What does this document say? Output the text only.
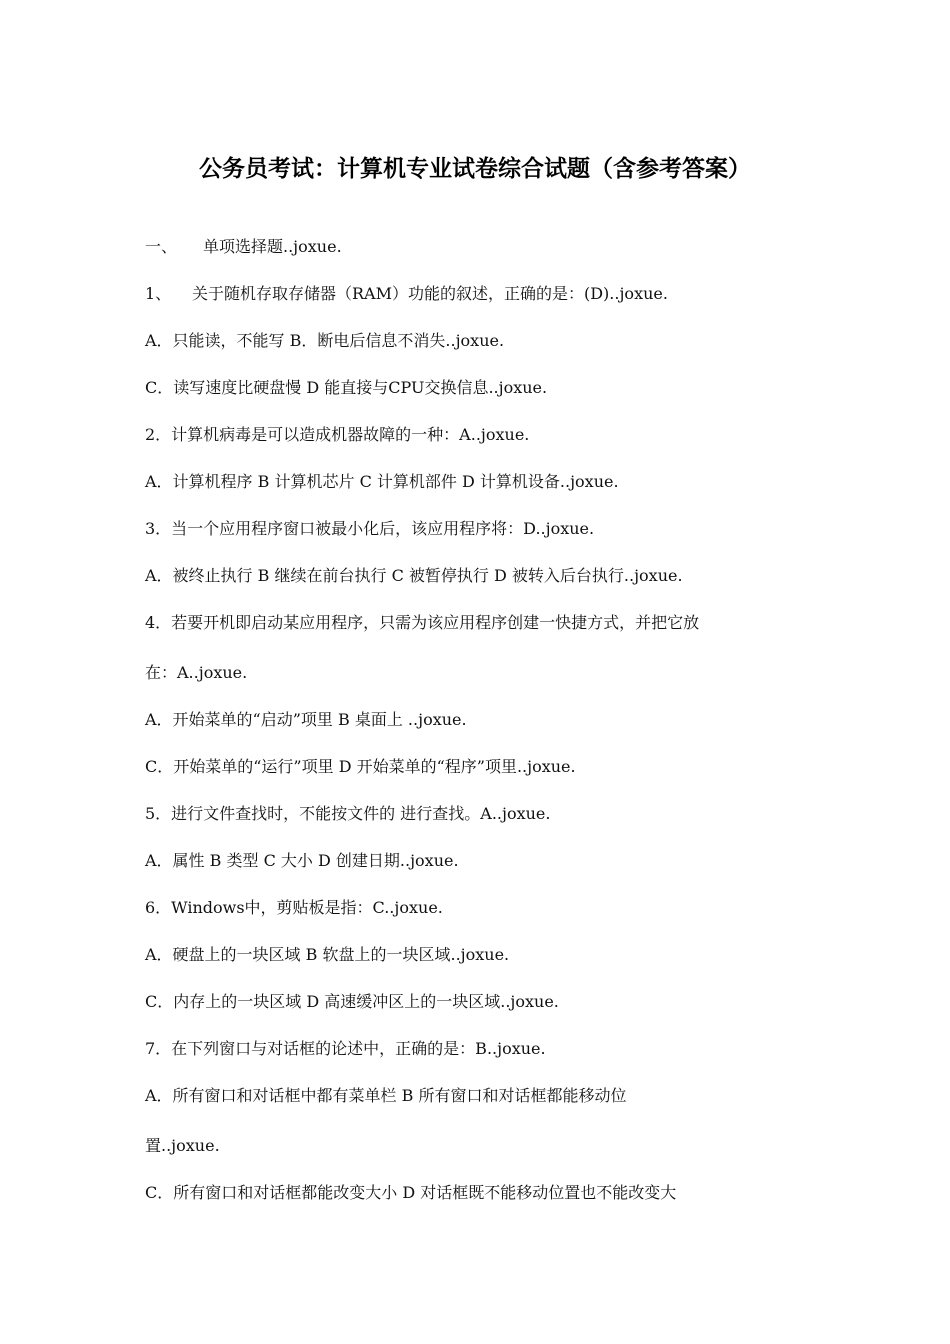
公务员考试：计算机专业试卷综合试题（含参考答案）
一、 单项选择题..joxue.
1、 关于随机存取存储器（RAM）功能的叙述，正确的是：(D)..joxue.
A．只能读，不能写 B．断电后信息不消失..joxue.
C．读写速度比硬盘慢 D 能直接与CPU交换信息..joxue.
2．计算机病毒是可以造成机器故障的一种：A..joxue.
A．计算机程序 B 计算机芯片 C 计算机部件 D 计算机设备..joxue.
3．当一个应用程序窗口被最小化后，该应用程序将：D..joxue.
A．被终止执行 B 继续在前台执行 C 被暂停执行 D 被转入后台执行..joxue.
4．若要开机即启动某应用程序，只需为该应用程序创建一快捷方式，并把它放
在：A..joxue.
A．开始菜单的“启动”项里 B 桌面上 ..joxue.
C．开始菜单的“运行”项里 D 开始菜单的“程序”项里..joxue.
5．进行文件查找时，不能按文件的 进行查找。A..joxue.
A．属性 B 类型 C 大小 D 创建日期..joxue.
6．Windows中，剪贴板是指：C..joxue.
A．硬盘上的一块区域 B 软盘上的一块区域..joxue.
C．内存上的一块区域 D 高速缓冲区上的一块区域..joxue.
7．在下列窗口与对话框的论述中，正确的是：B..joxue.
A．所有窗口和对话框中都有菜单栏 B 所有窗口和对话框都能移动位
置..joxue.
C．所有窗口和对话框都能改变大小 D 对话框既不能移动位置也不能改变大
